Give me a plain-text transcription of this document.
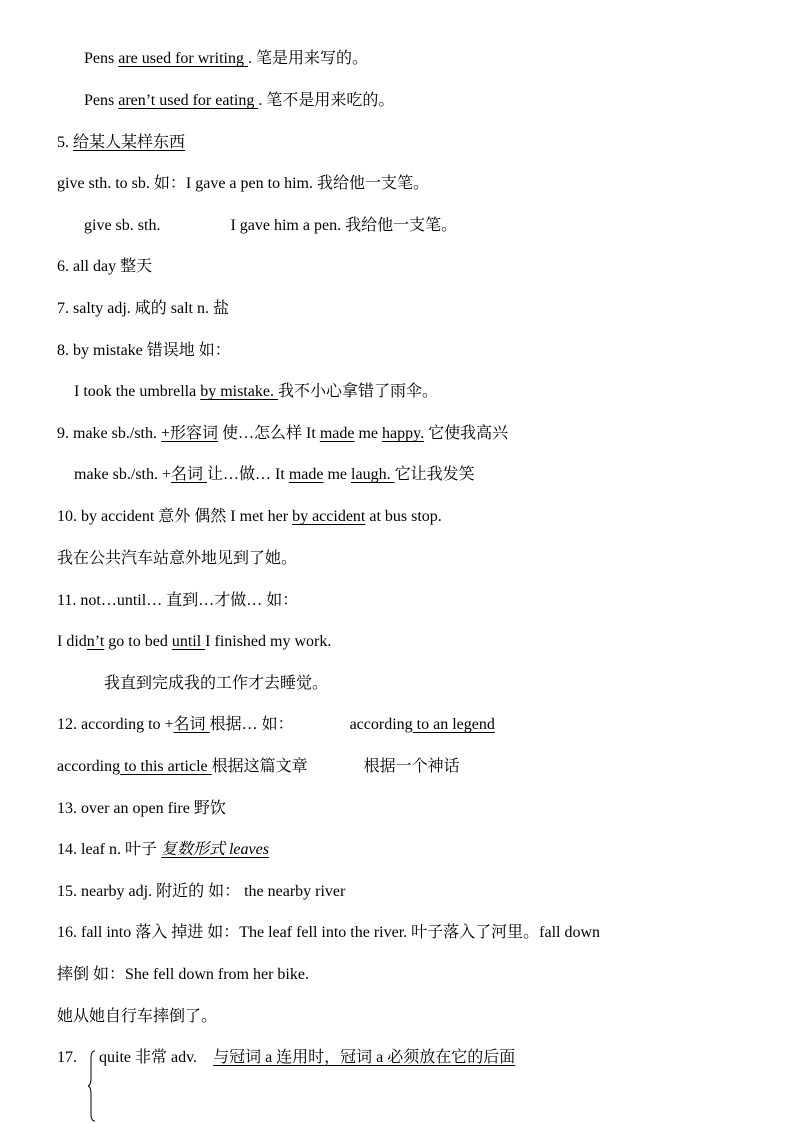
Pens are used for writing . 笔是用来写的。
Pens aren’t used for eating . 笔不是用来吃的。
5. 给某人某样东西
give sth. to sb. 如：I gave a pen to him. 我给他一支笔。
give sb. sth.	I gave him a pen. 我给他一支笔。
6. all day 整天
7. salty adj. 咸的 salt n. 盐
8. by mistake 错误地 如：
I took the umbrella by mistake. 我不小心拿错了雨伞。
9. make sb./sth. +形容词 使…怎么样 It made me happy. 它使我高兴
make sb./sth. +名词 让…做… It made me laugh. 它让我发笑
10. by accident 意外 偶然 I met her by accident at bus stop.
我在公共汽车站意外地见到了她。
11. not…until… 直到…才做… 如：
I didn’t go to bed until I finished my work.
我直到完成我的工作才去睡觉。
12. according to +名词 根据… 如：	according to an legend
according to this article 根据这篇文章	根据一个神话
13. over an open fire 野饮
14. leaf n. 叶子 复数形式 leaves
15. nearby adj. 附近的 如： the nearby river
16. fall into 落入 掉进 如：The leaf fell into the river. 叶子落入了河里。fall down
摔倒 如：She fell down from her bike.
她从她自行车摔倒了。
17. quite 非常 adv. 与冠词 a 连用时，冠词 a 必须放在它的后面
